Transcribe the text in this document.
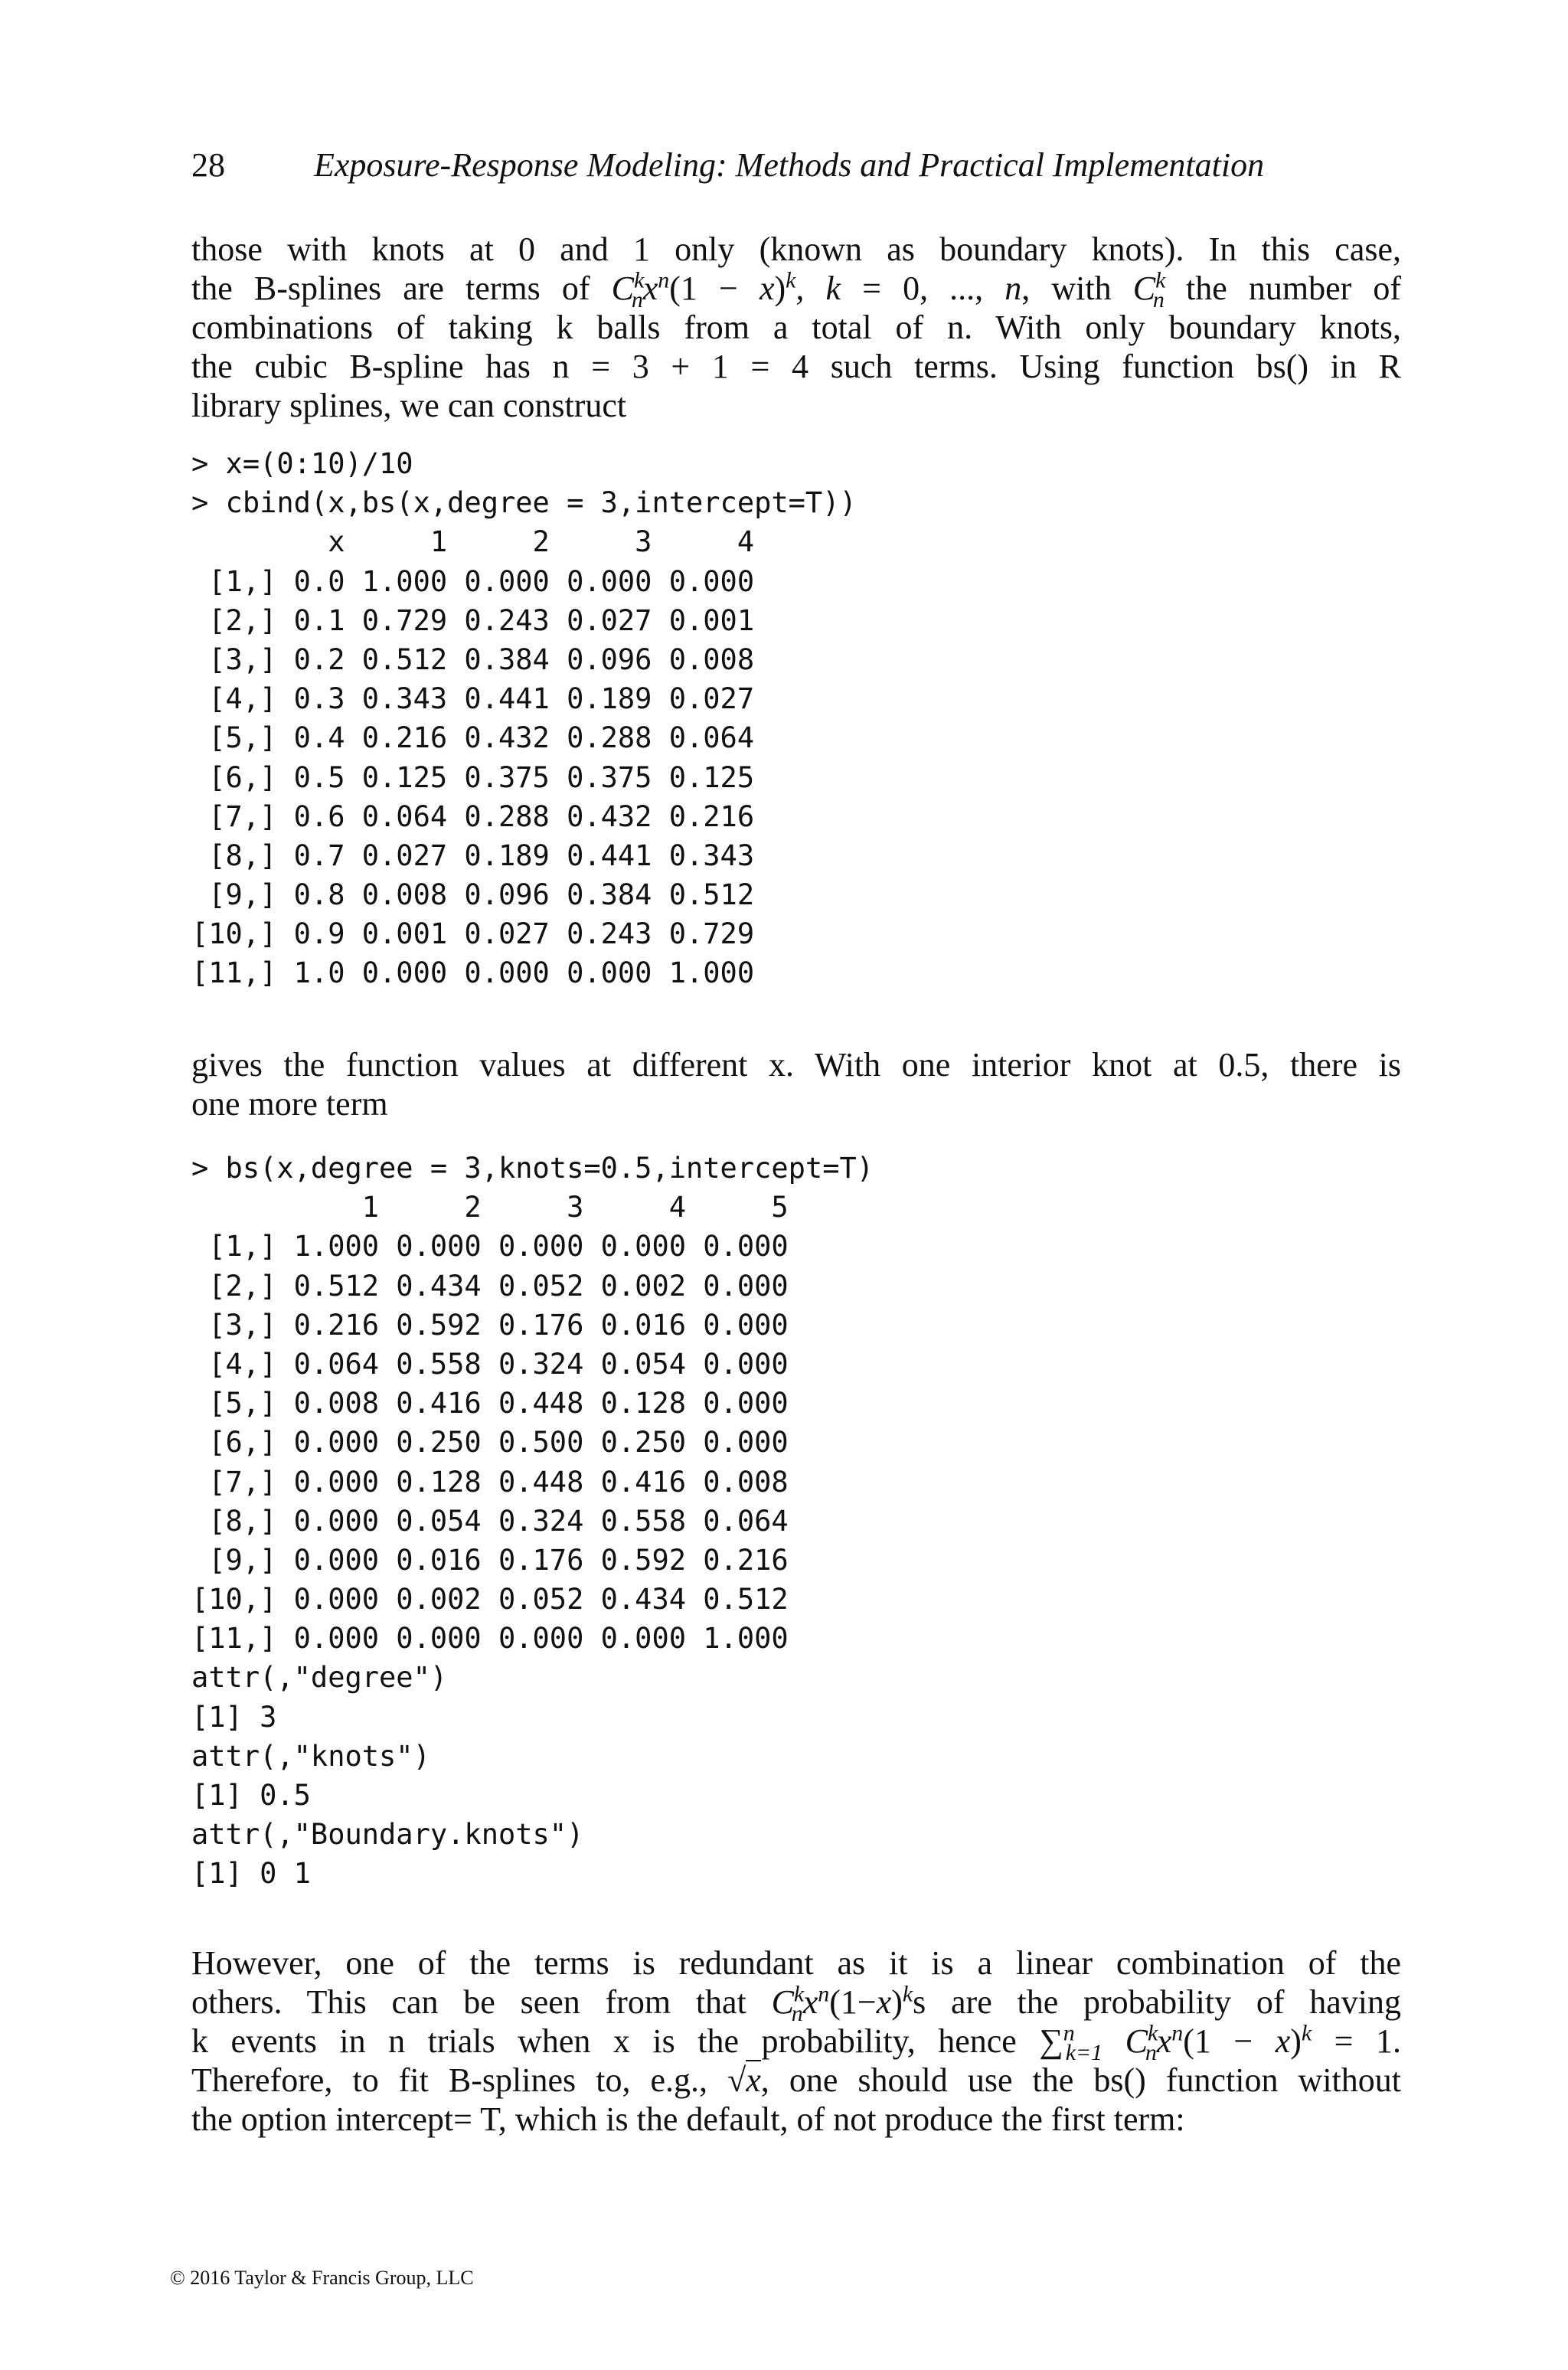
28	Exposure-Response Modeling: Methods and Practical Implementation
those with knots at 0 and 1 only (known as boundary knots). In this case,
the B-splines are terms of $C^k_nx^n(1 - x)^k$, k = 0, ..., n, with $C^k_n$ the number of
combinations of taking k balls from a total of n. With only boundary knots,
the cubic B-spline has n = 3 + 1 = 4 such terms. Using function bs() in R
library splines, we can construct
> x=(0:10)/10
> cbind(x,bs(x,degree = 3,intercept=T))
x     1     2     3     4
[1,] 0.0 1.000 0.000 0.000 0.000
[2,] 0.1 0.729 0.243 0.027 0.001
[3,] 0.2 0.512 0.384 0.096 0.008
[4,] 0.3 0.343 0.441 0.189 0.027
[5,] 0.4 0.216 0.432 0.288 0.064
[6,] 0.5 0.125 0.375 0.375 0.125
[7,] 0.6 0.064 0.288 0.432 0.216
[8,] 0.7 0.027 0.189 0.441 0.343
[9,] 0.8 0.008 0.096 0.384 0.512
[10,] 0.9 0.001 0.027 0.243 0.729
[11,] 1.0 0.000 0.000 0.000 1.000
gives the function values at different x. With one interior knot at 0.5, there is
one more term
> bs(x,degree = 3,knots=0.5,intercept=T)
1     2     3     4     5
[1,] 1.000 0.000 0.000 0.000 0.000
[2,] 0.512 0.434 0.052 0.002 0.000
[3,] 0.216 0.592 0.176 0.016 0.000
[4,] 0.064 0.558 0.324 0.054 0.000
[5,] 0.008 0.416 0.448 0.128 0.000
[6,] 0.000 0.250 0.500 0.250 0.000
[7,] 0.000 0.128 0.448 0.416 0.008
[8,] 0.000 0.054 0.324 0.558 0.064
[9,] 0.000 0.016 0.176 0.592 0.216
[10,] 0.000 0.002 0.052 0.434 0.512
[11,] 0.000 0.000 0.000 0.000 1.000
attr(,"degree")
[1] 3
attr(,"knots")
[1] 0.5
attr(,"Boundary.knots")
[1] 0 1
However, one of the terms is redundant as it is a linear combination of the
others. This can be seen from that $C^k_nx^n(1-x)^ks$ are the probability of having
k events in n trials when x is the probability, hence ∑$^n_{k=1}$ $C^k_nx^n(1 - x)^k = 1$.
Therefore, to fit B-splines to, e.g., √x, one should use the bs() function without
the option intercept= T, which is the default, of not produce the first term:
© 2016 Taylor & Francis Group, LLC
